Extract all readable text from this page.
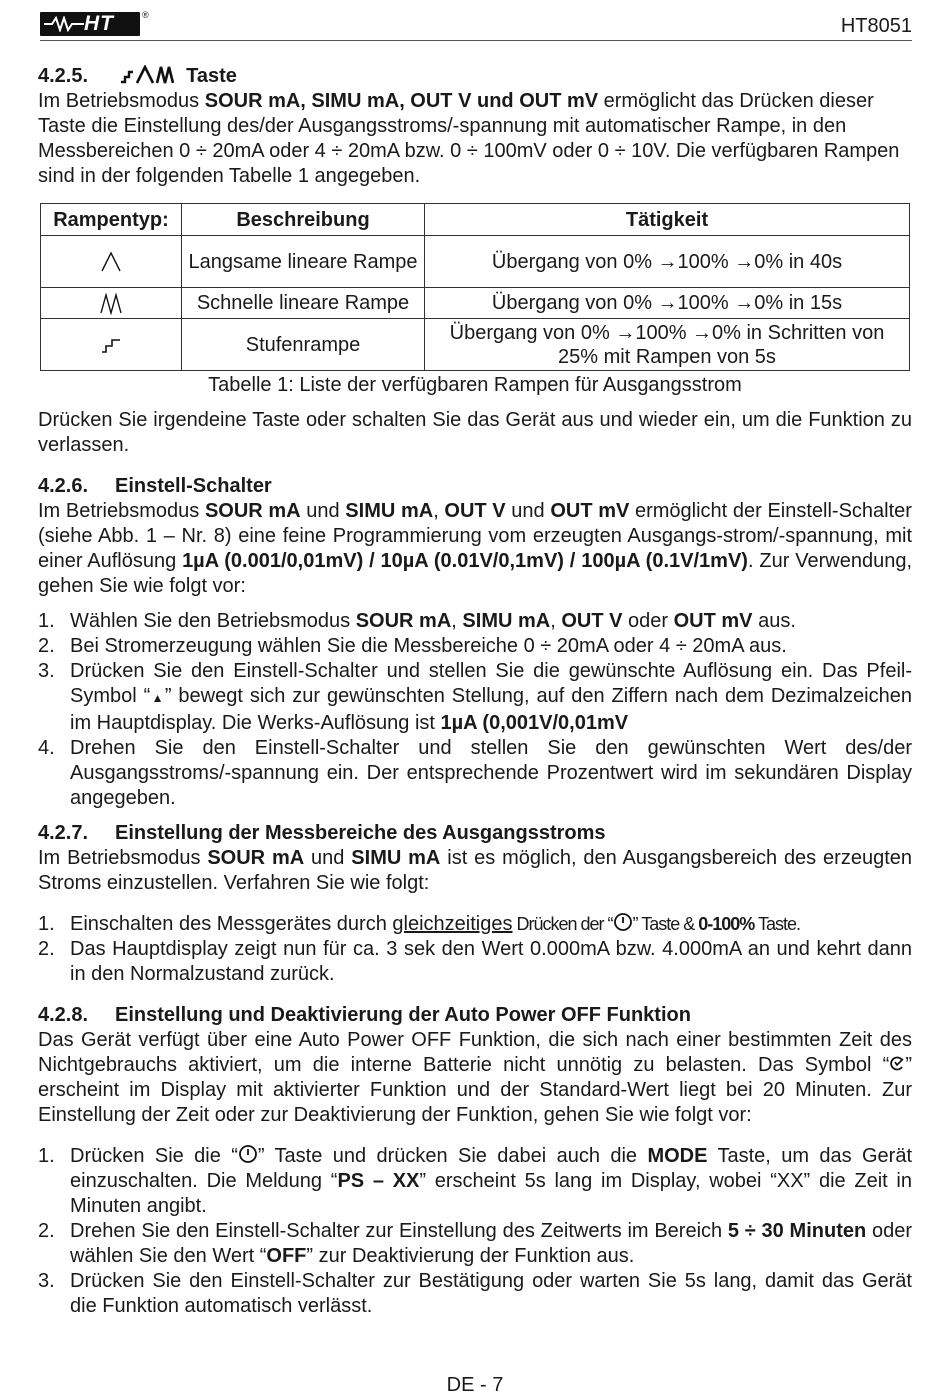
HT	®	HT8051

4.2.5.	Taste

Im Betriebsmodus SOUR mA, SIMU mA, OUT V und OUT mV ermöglicht das Drücken dieser Taste die Einstellung des/der Ausgangsstroms/-spannung mit automatischer Rampe, in den Messbereichen 0 ÷ 20mA oder 4 ÷ 20mA bzw. 0 ÷ 100mV oder 0 ÷ 10V. Die verfügbaren Rampen sind in der folgenden Tabelle 1 angegeben.

Rampentyp:	Beschreibung	Tätigkeit
	Langsame lineare Rampe	Übergang von 0% →100% →0% in 40s
	Schnelle lineare Rampe	Übergang von 0% →100% →0% in 15s
	Stufenrampe	Übergang von 0% →100% →0% in Schritten von 25% mit Rampen von 5s

Tabelle 1: Liste der verfügbaren Rampen für Ausgangsstrom

Drücken Sie irgendeine Taste oder schalten Sie das Gerät aus und wieder ein, um die Funktion zu verlassen.

4.2.6. Einstell-Schalter

Im Betriebsmodus SOUR mA und SIMU mA, OUT V und OUT mV ermöglicht der Einstell-Schalter (siehe Abb. 1 – Nr. 8) eine feine Programmierung vom erzeugten Ausgangs-strom/-spannung, mit einer Auflösung 1µA (0.001/0,01mV) / 10µA (0.01V/0,1mV) / 100µA (0.1V/1mV). Zur Verwendung, gehen Sie wie folgt vor:

1. Wählen Sie den Betriebsmodus SOUR mA, SIMU mA, OUT V oder OUT mV aus.
2. Bei Stromerzeugung wählen Sie die Messbereiche 0 ÷ 20mA oder 4 ÷ 20mA aus.
3. Drücken Sie den Einstell-Schalter und stellen Sie die gewünschte Auflösung ein. Das Pfeil-Symbol “▲” bewegt sich zur gewünschten Stellung, auf den Ziffern nach dem Dezimalzeichen im Hauptdisplay. Die Werks-Auflösung ist 1µA (0,001V/0,01mV
4. Drehen Sie den Einstell-Schalter und stellen Sie den gewünschten Wert des/der Ausgangsstroms/-spannung ein. Der entsprechende Prozentwert wird im sekundären Display angegeben.

4.2.7. Einstellung der Messbereiche des Ausgangsstroms

Im Betriebsmodus SOUR mA und SIMU mA ist es möglich, den Ausgangsbereich des erzeugten Stroms einzustellen. Verfahren Sie wie folgt:

1. Einschalten des Messgerätes durch gleichzeitiges Drücken der “ ” Taste & 0-100% Taste.
2. Das Hauptdisplay zeigt nun für ca. 3 sek den Wert 0.000mA bzw. 4.000mA an und kehrt dann in den Normalzustand zurück.

4.2.8. Einstellung und Deaktivierung der Auto Power OFF Funktion

Das Gerät verfügt über eine Auto Power OFF Funktion, die sich nach einer bestimmten Zeit des Nichtgebrauchs aktiviert, um die interne Batterie nicht unnötig zu belasten. Das Symbol “ ” erscheint im Display mit aktivierter Funktion und der Standard-Wert liegt bei 20 Minuten. Zur Einstellung der Zeit oder zur Deaktivierung der Funktion, gehen Sie wie folgt vor:

1. Drücken Sie die “ ” Taste und drücken Sie dabei auch die MODE Taste, um das Gerät einzuschalten. Die Meldung “PS – XX” erscheint 5s lang im Display, wobei “XX” die Zeit in Minuten angibt.
2. Drehen Sie den Einstell-Schalter zur Einstellung des Zeitwerts im Bereich 5 ÷ 30 Minuten oder wählen Sie den Wert “OFF” zur Deaktivierung der Funktion aus.
3. Drücken Sie den Einstell-Schalter zur Bestätigung oder warten Sie 5s lang, damit das Gerät die Funktion automatisch verlässt.
DE - 7
